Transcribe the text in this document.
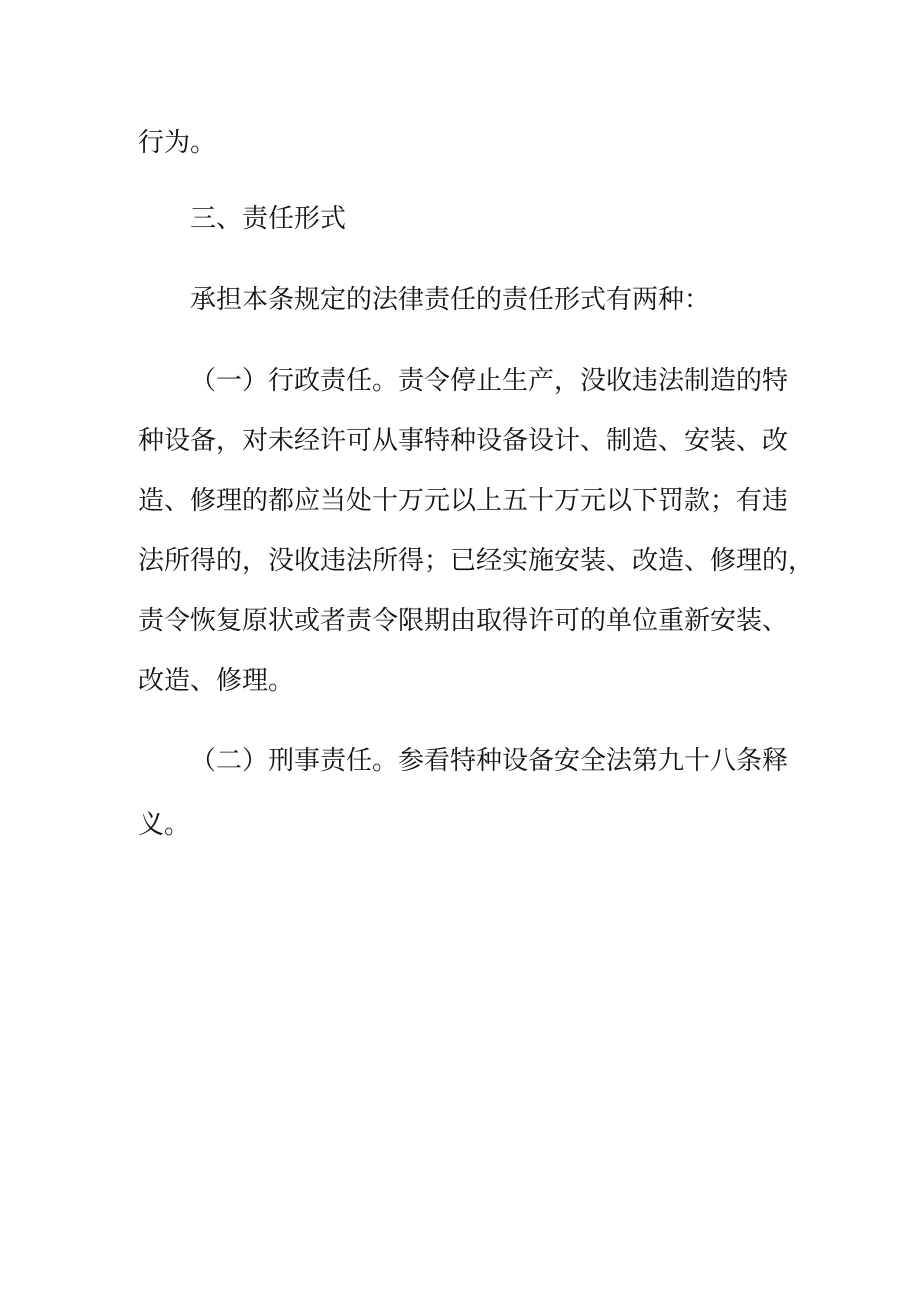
行为。
三、责任形式
承担本条规定的法律责任的责任形式有两种：
（一）行政责任。责令停止生产，没收违法制造的特
种设备，对未经许可从事特种设备设计、制造、安装、改
造、修理的都应当处十万元以上五十万元以下罚款；有违
法所得的，没收违法所得；已经实施安装、改造、修理的，
责令恢复原状或者责令限期由取得许可的单位重新安装、
改造、修理。
（二）刑事责任。参看特种设备安全法第九十八条释
义。
